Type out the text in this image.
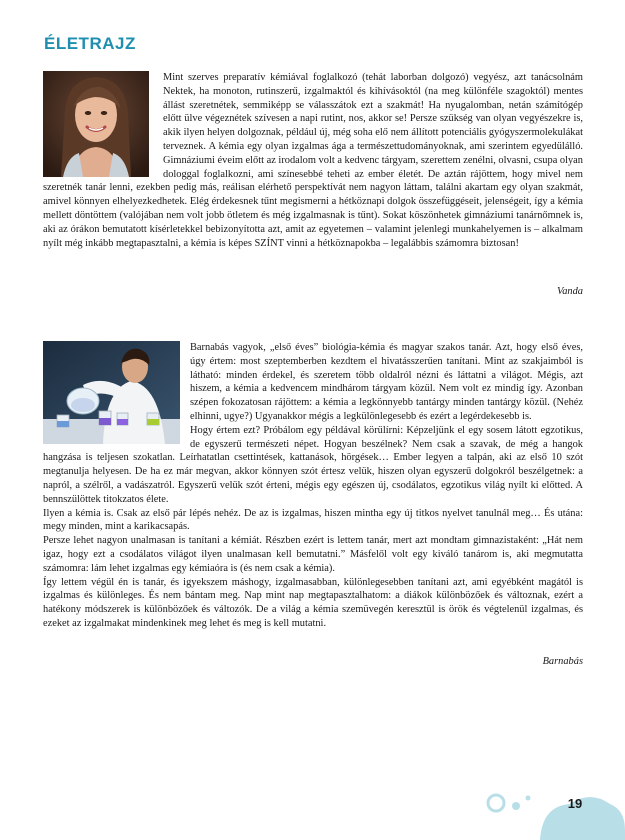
ÉLETRAJZ

Mint szerves preparatív kémiával foglalkozó (tehát laborban dolgozó) vegyész, azt tanácsolnám Nektek, ha monoton, rutinszerű, izgalmaktól és kihívásoktól (na meg különféle szagoktól) mentes állást szeretnétek, semmiképp se válasszátok ezt a szakmát! Ha nyugalomban, netán számítógép előtt ülve végeznétek szívesen a napi rutint, nos, akkor se! Persze szükség van olyan vegyészekre is, akik ilyen helyen dolgoznak, például új, még soha elő nem állított potenciális gyógyszermolekulákat terveznek. A kémia egy olyan izgalmas ága a természettudományoknak, ami szerintem egyedülálló. Gimnáziumi éveim előtt az irodalom volt a kedvenc tárgyam, szerettem zenélni, olvasni, csupa olyan dologgal foglalkozni, ami színesebbé teheti az ember életét. De aztán rájöttem, hogy mivel nem szeretnék tanár lenni, ezekben pedig más, reálisan elérhető perspektívát nem nagyon láttam, találni akartam egy olyan szakmát, amivel könnyen elhelyezkedhetek. Elég érdekesnek tűnt megismerni a hétköznapi dolgok összefüggéseit, jelenségeit, így a kémia mellett döntöttem (valójában nem volt jobb ötletem és még izgalmasnak is tűnt). Sokat köszönhetek gimnáziumi tanárnőmnek is, aki az órákon bemutatott kísérletekkel bebizonyította azt, amit az egyetemen – valamint jelenlegi munkahelyemen is – alkalmam nyílt még inkább megtapasztalni, a kémia is képes SZÍNT vinni a hétköznapokba – legalábbis számomra biztosan!

Vanda

Barnabás vagyok, „első éves” biológia-kémia és magyar szakos tanár. Azt, hogy első éves, úgy értem: most szeptemberben kezdtem el hivatásszerűen tanítani. Mint az szakjaimból is látható: minden érdekel, és szeretem több oldalról nézni és láttatni a világot. Mégis, azt hiszem, a kémia a kedvencem mindhárom tárgyam közül. Nem volt ez mindig így. Azonban szépen fokozatosan rájöttem: a kémia a legkönnyebb tantárgy minden tantárgy közül. (Nehéz elhinni, ugye?) Ugyanakkor mégis a legkülönlegesebb és ezért a legérdekesebb is.

Hogy értem ezt? Próbálom egy példával körülírni: Képzeljünk el egy sosem látott egzotikus, de egyszerű természeti népet. Hogyan beszélnek? Nem csak a szavak, de még a hangok hangzása is teljesen szokatlan. Leírhatatlan csettintések, kattanások, hörgések… Ember legyen a talpán, aki az első 10 szót megtanulja helyesen. De ha ez már megvan, akkor könnyen szót értesz velük, hiszen olyan egyszerű dolgokról beszélgetnek: a napról, a szélről, a vadászatról. Egyszerű velük szót érteni, mégis egy egészen új, csodálatos, egzotikus világ nyílt ki előtted. A bennszülöttek titokzatos élete.

Ilyen a kémia is. Csak az első pár lépés nehéz. De az is izgalmas, hiszen mintha egy új titkos nyelvet tanulnál meg… És utána: megy minden, mint a karikacsapás.

Persze lehet nagyon unalmasan is tanítani a kémiát. Részben ezért is lettem tanár, mert azt mondtam gimnazistaként: „Hát nem igaz, hogy ezt a csodálatos világot ilyen unalmasan kell bemutatni.” Másfelől volt egy kiváló tanárom is, aki megmutatta számomra: lám lehet izgalmas egy kémiaóra is (és nem csak a kémia).

Így lettem végül én is tanár, és igyekszem máshogy, izgalmasabban, különlegesebben tanítani azt, ami egyébként magától is izgalmas és különleges. És nem bántam meg. Nap mint nap megtapasztalhatom: a diákok különbözőek és változnak, ezért a hatékony módszerek is különbözőek és változók. De a világ a kémia szemüvegén keresztül is örök és végtelenül izgalmas, és ezeket az izgalmakat mindenkinek meg lehet és meg is kell mutatni.

Barnabás
19
